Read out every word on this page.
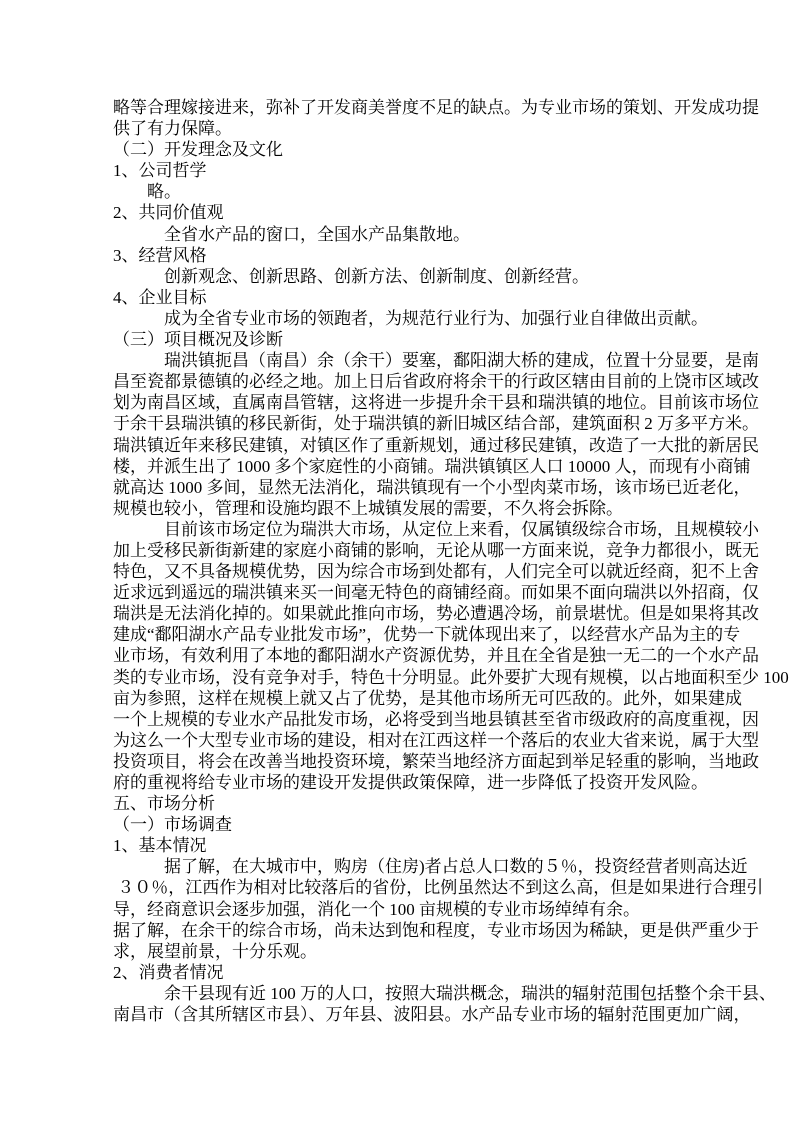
略等合理嫁接进来，弥补了开发商美誉度不足的缺点。为专业市场的策划、开发成功提
供了有力保障。
（二）开发理念及文化
1、公司哲学
　　略。
2、共同价值观
　　　全省水产品的窗口，全国水产品集散地。
3、经营风格
　　　创新观念、创新思路、创新方法、创新制度、创新经营。
4、企业目标
　　　成为全省专业市场的领跑者，为规范行业行为、加强行业自律做出贡献。
（三）项目概况及诊断
　　　瑞洪镇扼昌（南昌）余（余干）要塞，鄱阳湖大桥的建成，位置十分显要，是南
昌至瓷都景德镇的必经之地。加上日后省政府将余干的行政区辖由目前的上饶市区域改
划为南昌区域，直属南昌管辖，这将进一步提升余干县和瑞洪镇的地位。目前该市场位
于余干县瑞洪镇的移民新街，处于瑞洪镇的新旧城区结合部，建筑面积 2 万多平方米。
瑞洪镇近年来移民建镇，对镇区作了重新规划，通过移民建镇，改造了一大批的新居民
楼，并派生出了 1000 多个家庭性的小商铺。瑞洪镇镇区人口 10000 人，而现有小商铺
就高达 1000 多间，显然无法消化，瑞洪镇现有一个小型肉菜市场，该市场已近老化，
规模也较小，管理和设施均跟不上城镇发展的需要，不久将会拆除。
　　　目前该市场定位为瑞洪大市场，从定位上来看，仅属镇级综合市场，且规模较小
加上受移民新街新建的家庭小商铺的影响，无论从哪一方面来说，竞争力都很小，既无
特色，又不具备规模优势，因为综合市场到处都有，人们完全可以就近经商，犯不上舍
近求远到遥远的瑞洪镇来买一间毫无特色的商铺经商。而如果不面向瑞洪以外招商，仅
瑞洪是无法消化掉的。如果就此推向市场，势必遭遇冷场，前景堪忧。但是如果将其改
建成“鄱阳湖水产品专业批发市场”，优势一下就体现出来了，以经营水产品为主的专
业市场，有效利用了本地的鄱阳湖水产资源优势，并且在全省是独一无二的一个水产品
类的专业市场，没有竞争对手，特色十分明显。此外要扩大现有规模，以占地面积至少 100
亩为参照，这样在规模上就又占了优势，是其他市场所无可匹敌的。此外，如果建成
一个上规模的专业水产品批发市场，必将受到当地县镇甚至省市级政府的高度重视，因
为这么一个大型专业市场的建设，相对在江西这样一个落后的农业大省来说，属于大型
投资项目，将会在改善当地投资环境，繁荣当地经济方面起到举足轻重的影响，当地政
府的重视将给专业市场的建设开发提供政策保障，进一步降低了投资开发风险。
五、市场分析
（一）市场调查
1、基本情况
　　　据了解，在大城市中，购房（住房)者占总人口数的５％，投资经营者则高达近
３０％，江西作为相对比较落后的省份，比例虽然达不到这么高，但是如果进行合理引
导，经商意识会逐步加强，消化一个 100 亩规模的专业市场绰绰有余。
据了解，在余干的综合市场，尚未达到饱和程度，专业市场因为稀缺，更是供严重少于
求，展望前景，十分乐观。
2、消费者情况
　　　余干县现有近 100 万的人口，按照大瑞洪概念，瑞洪的辐射范围包括整个余干县、
南昌市（含其所辖区市县）、万年县、波阳县。水产品专业市场的辐射范围更加广阔，
